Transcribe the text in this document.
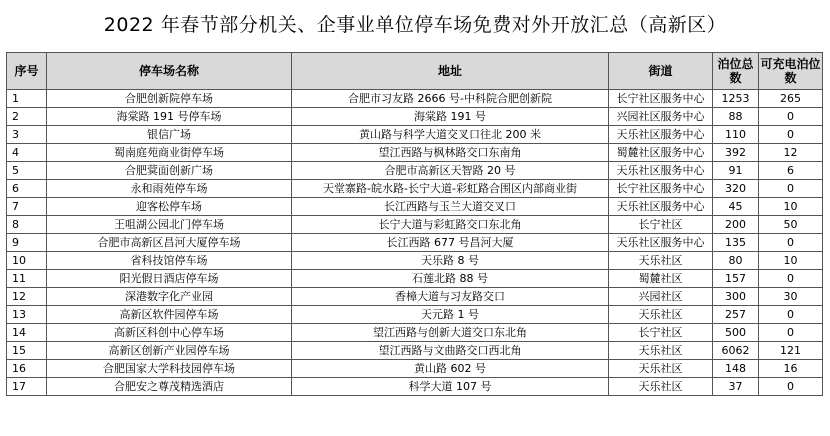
2022 年春节部分机关、企事业单位停车场免费对外开放汇总（高新区）
序号	停车场名称	地址	街道	泊位总数	可充电泊位数
1	合肥创新院停车场	合肥市习友路 2666 号-中科院合肥创新院	长宁社区服务中心	1253	265
2	海棠路 191 号停车场	海棠路 191 号	兴园社区服务中心	88	0
3	银信广场	黄山路与科学大道交叉口往北 200 米	天乐社区服务中心	110	0
4	蜀南庭苑商业街停车场	望江西路与枫林路交口东南角	蜀麓社区服务中心	392	12
5	合肥蓂面创新广场	合肥市高新区天智路 20 号	天乐社区服务中心	91	6
6	永和雨苑停车场	天堂寨路-皖水路-长宁大道-彩虹路合围区内部商业街	长宁社区服务中心	320	0
7	迎客松停车场	长江西路与玉兰大道交叉口	天乐社区服务中心	45	10
8	王咀湖公园北门停车场	长宁大道与彩虹路交口东北角	长宁社区	200	50
9	合肥市高新区昌河大厦停车场	长江西路 677 号昌河大厦	天乐社区服务中心	135	0
10	省科技馆停车场	天乐路 8 号	天乐社区	80	10
11	阳光假日酒店停车场	石莲北路 88 号	蜀麓社区	157	0
12	深港数字化产业园	香樟大道与习友路交口	兴园社区	300	30
13	高新区软件园停车场	天元路 1 号	天乐社区	257	0
14	高新区科创中心停车场	望江西路与创新大道交口东北角	长宁社区	500	0
15	高新区创新产业园停车场	望江西路与文曲路交口西北角	天乐社区	6062	121
16	合肥国家大学科技园停车场	黄山路 602 号	天乐社区	148	16
17	合肥安之尊茂精选酒店	科学大道 107 号	天乐社区	37	0
